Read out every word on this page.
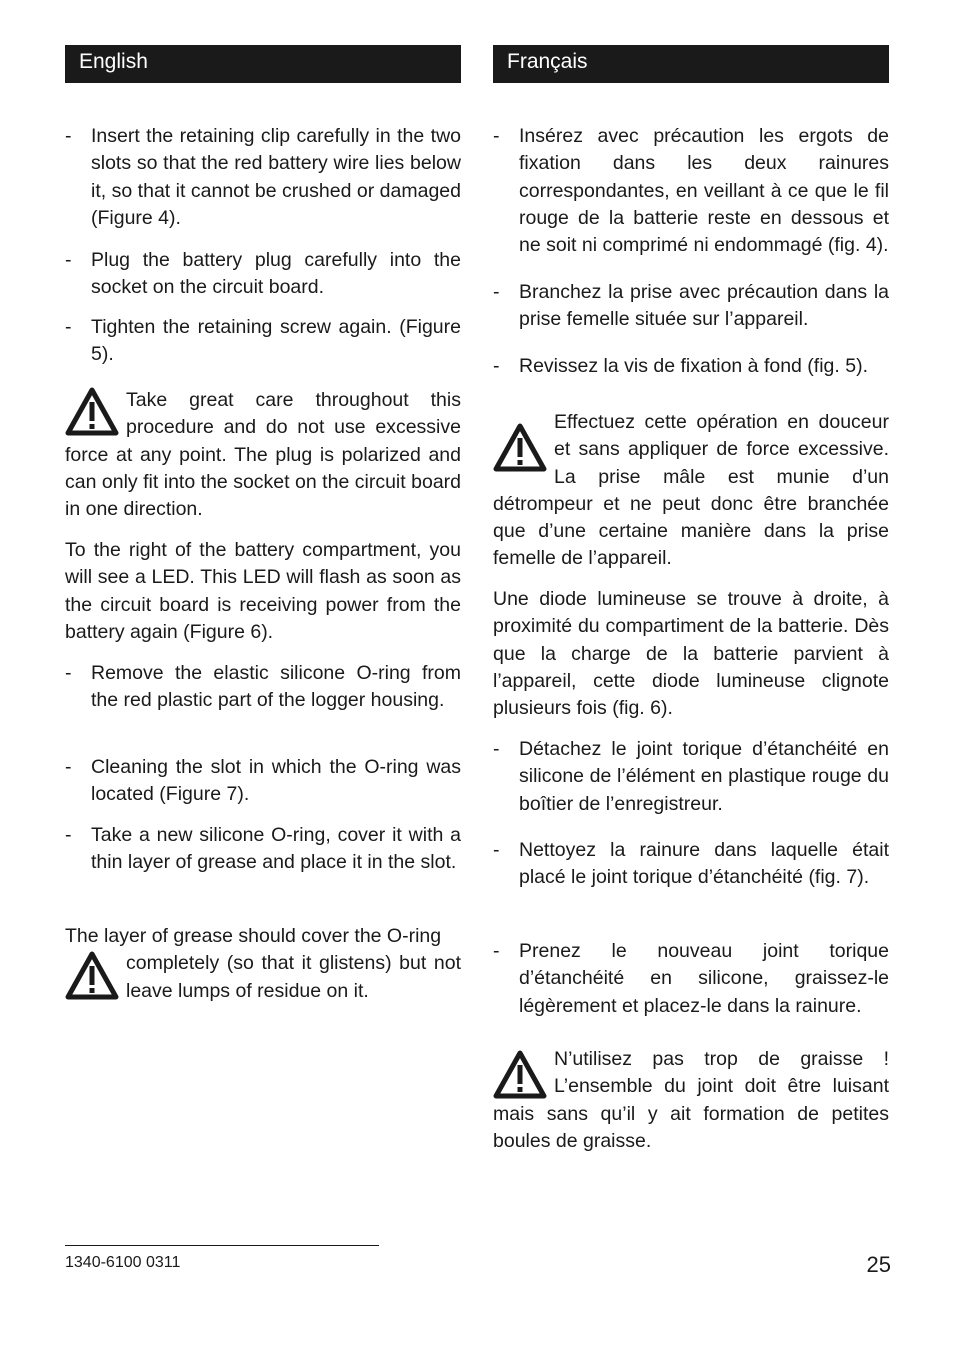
English
- Insert the retaining clip carefully in the two slots so that the red battery wire lies below it, so that it cannot be crushed or damaged (Figure 4).
- Plug the battery plug carefully into the socket on the circuit board.
- Tighten the retaining screw again. (Figure 5).
Take great care throughout this procedure and do not use excessive force at any point. The plug is polarized and can only fit into the socket on the circuit board in one direction.
To the right of the battery compartment, you will see a LED. This LED will flash as soon as the circuit board is receiving power from the battery again (Figure 6).
- Remove the elastic silicone O-ring from the red plastic part of the logger housing.
- Cleaning the slot in which the O-ring was located (Figure 7).
- Take a new silicone O-ring, cover it with a thin layer of grease and place it in the slot.
The layer of grease should cover the O-ring
completely (so that it glistens) but not leave lumps of residue on it.
Français
- Insérez avec précaution les ergots de fixation dans les deux rainures correspondantes, en veillant à ce que le fil rouge de la batterie reste en dessous et ne soit ni comprimé ni endommagé (fig. 4).
- Branchez la prise avec précaution dans la prise femelle située sur l’appareil.
- Revissez la vis de fixation à fond (fig. 5).
Effectuez cette opération en douceur et sans appliquer de force excessive. La prise mâle est munie d’un détrompeur et ne peut donc être branchée que d’une certaine manière dans la prise femelle de l’appareil.
Une diode lumineuse se trouve à droite, à proximité du compartiment de la batterie. Dès que la charge de la batterie parvient à l’appareil, cette diode lumineuse clignote plusieurs fois (fig. 6).
- Détachez le joint torique d’étanchéité en silicone de l’élément en plastique rouge du boîtier de l’enregistreur.
- Nettoyez la rainure dans laquelle était placé le joint torique d’étanchéité (fig. 7).
- Prenez le nouveau joint torique d’étanchéité en silicone, graissez-le légèrement et placez-le dans la rainure.
N’utilisez pas trop de graisse ! L’ensemble du joint doit être luisant mais sans qu’il y ait formation de petites boules de graisse.
1340-6100 0311	25
